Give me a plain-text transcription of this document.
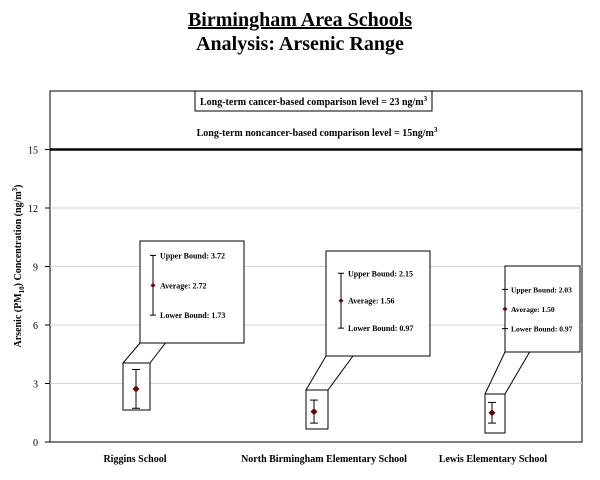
Birmingham Area Schools
Analysis: Arsenic Range
0
3
6
9
12
15
Long-term cancer-based comparison level = 23 $ng/m^3$
Long-term noncancer-based comparison level = $15ng/m^3$
Arsenic $(PM_{10})$ Concentration $(ng/m^3)$
Upper Bound: 3.72
Average: 2.72
Lower Bound: 1.73
Riggins School
Upper Bound: 2.15
Average: 1.56
Lower Bound: 0.97
North Birmingham Elementary School
Upper Bound: 2.03
Average: 1.50
Lower Bound: 0.97
Lewis Elementary School
